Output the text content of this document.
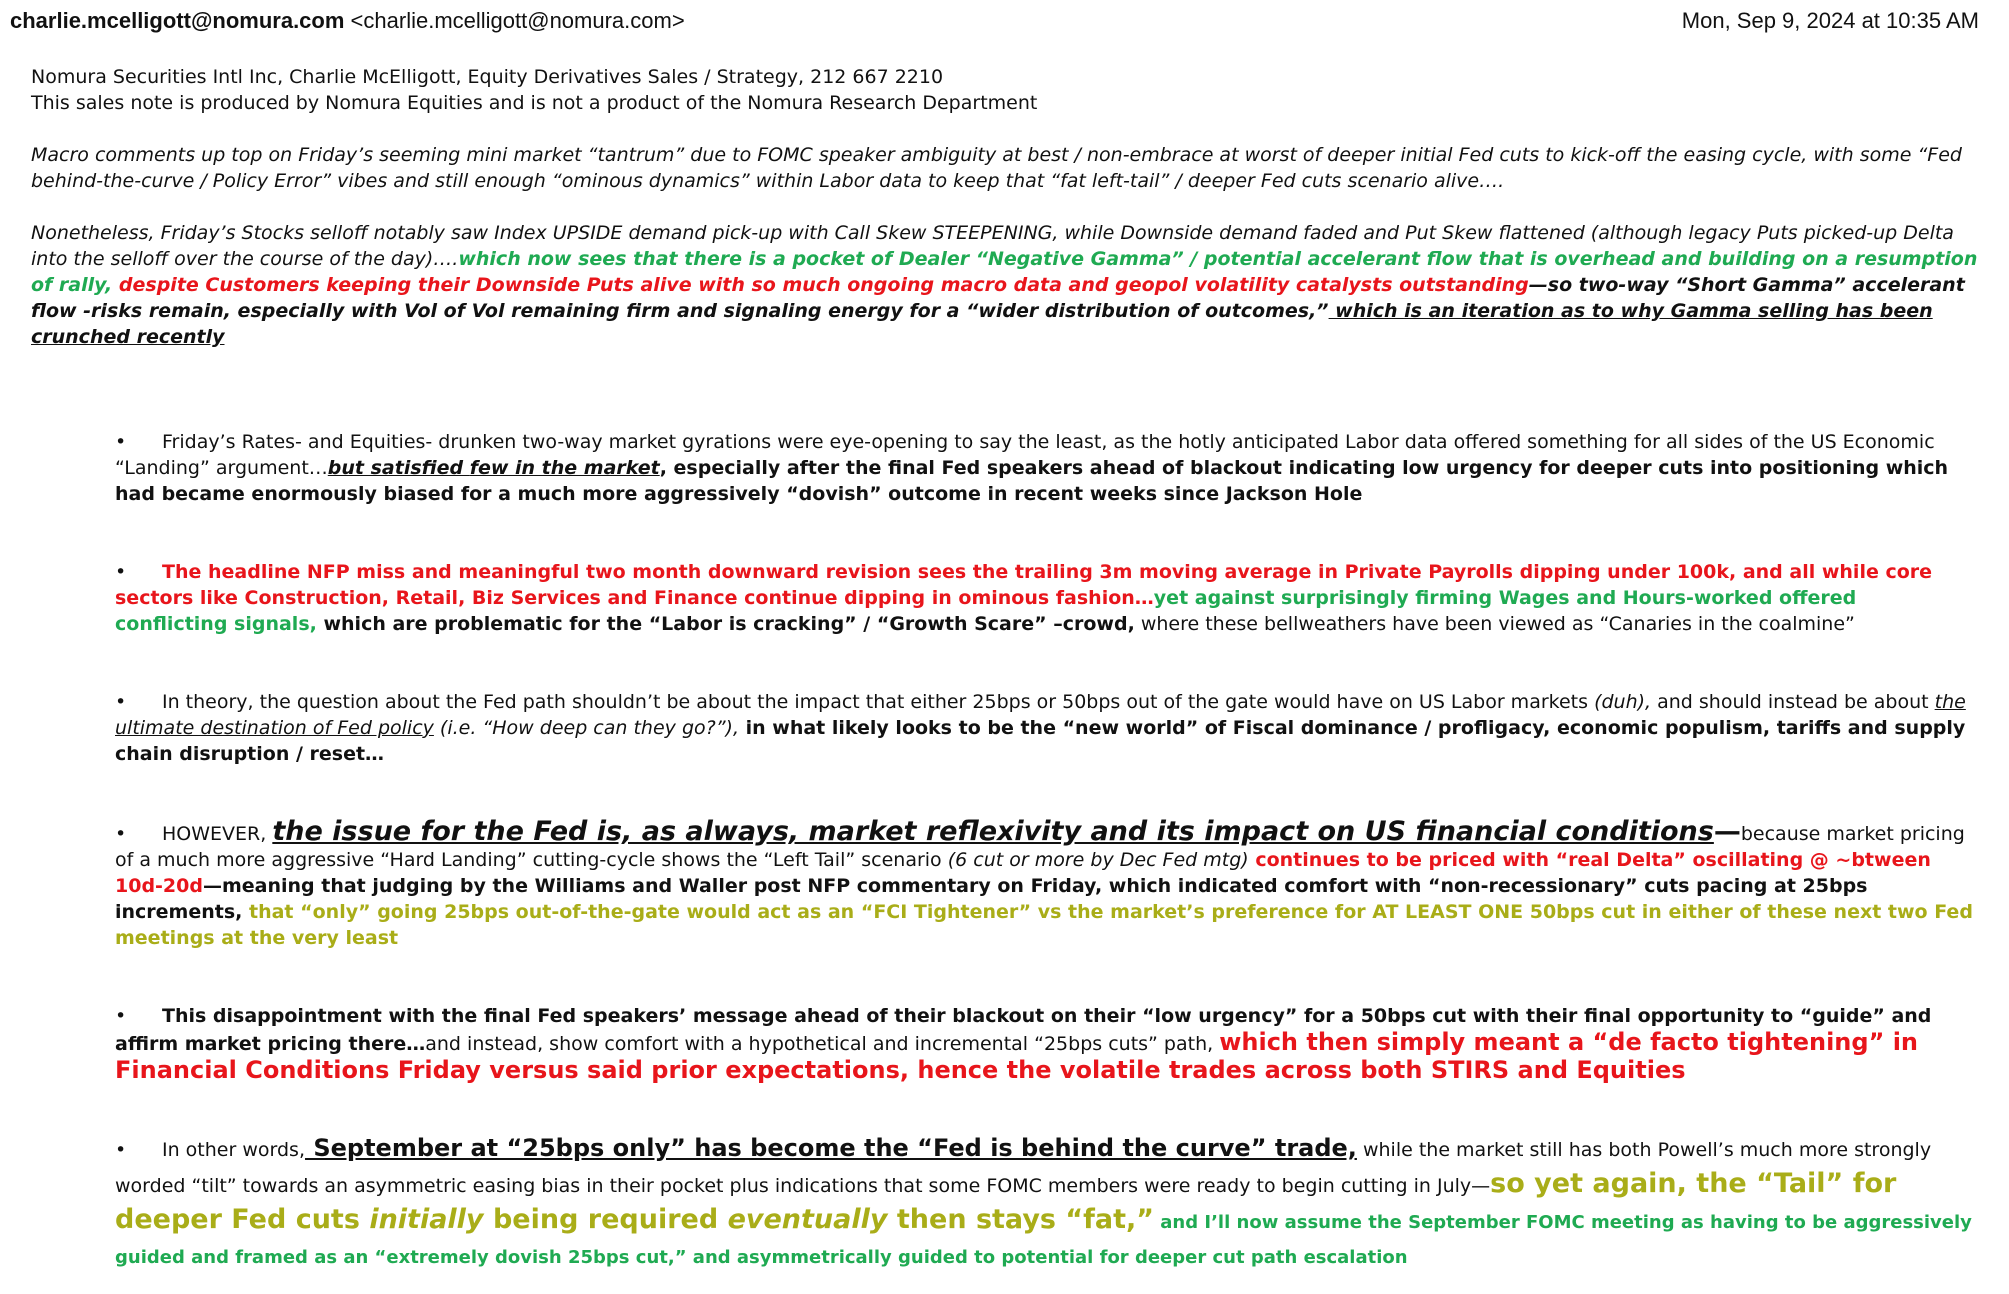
charlie.mcelligott@nomura.com <charlie.mcelligott@nomura.com>	Mon, Sep 9, 2024 at 10:35 AM

Nomura Securities Intl Inc, Charlie McElligott, Equity Derivatives Sales / Strategy, 212 667 2210

This sales note is produced by Nomura Equities and is not a product of the Nomura Research Department

Macro comments up top on Friday’s seeming mini market “tantrum” due to FOMC speaker ambiguity at best / non-embrace at worst of deeper initial Fed cuts to kick-off the easing cycle, with some “Fed behind-the-curve / Policy Error” vibes and still enough “ominous dynamics” within Labor data to keep that “fat left-tail” / deeper Fed cuts scenario alive….

Nonetheless, Friday’s Stocks selloff notably saw Index UPSIDE demand pick-up with Call Skew STEEPENING, while Downside demand faded and Put Skew flattened (although legacy Puts picked-up Delta into the selloff over the course of the day)….which now sees that there is a pocket of Dealer “Negative Gamma” / potential accelerant flow that is overhead and building on a resumption of rally, despite Customers keeping their Downside Puts alive with so much ongoing macro data and geopol volatility catalysts outstanding—so two-way “Short Gamma” accelerant flow -risks remain, especially with Vol of Vol remaining firm and signaling energy for a “wider distribution of outcomes,” which is an iteration as to why Gamma selling has been crunched recently

• Friday’s Rates- and Equities- drunken two-way market gyrations were eye-opening to say the least, as the hotly anticipated Labor data offered something for all sides of the US Economic “Landing” argument…but satisfied few in the market, especially after the final Fed speakers ahead of blackout indicating low urgency for deeper cuts into positioning which had became enormously biased for a much more aggressively “dovish” outcome in recent weeks since Jackson Hole

• The headline NFP miss and meaningful two month downward revision sees the trailing 3m moving average in Private Payrolls dipping under 100k, and all while core sectors like Construction, Retail, Biz Services and Finance continue dipping in ominous fashion…yet against surprisingly firming Wages and Hours-worked offered conflicting signals, which are problematic for the “Labor is cracking” / “Growth Scare” –crowd, where these bellweathers have been viewed as “Canaries in the coalmine”

• In theory, the question about the Fed path shouldn’t be about the impact that either 25bps or 50bps out of the gate would have on US Labor markets (duh), and should instead be about the ultimate destination of Fed policy (i.e. “How deep can they go?”), in what likely looks to be the “new world” of Fiscal dominance / profligacy, economic populism, tariffs and supply chain disruption / reset…

• HOWEVER, the issue for the Fed is, as always, market reflexivity and its impact on US financial conditions—because market pricing of a much more aggressive “Hard Landing” cutting-cycle shows the “Left Tail” scenario (6 cut or more by Dec Fed mtg) continues to be priced with “real Delta” oscillating @ ~btween 10d-20d—meaning that judging by the Williams and Waller post NFP commentary on Friday, which indicated comfort with “non-recessionary” cuts pacing at 25bps increments, that “only” going 25bps out-of-the-gate would act as an “FCI Tightener” vs the market’s preference for AT LEAST ONE 50bps cut in either of these next two Fed meetings at the very least

• This disappointment with the final Fed speakers’ message ahead of their blackout on their “low urgency” for a 50bps cut with their final opportunity to “guide” and affirm market pricing there…and instead, show comfort with a hypothetical and incremental “25bps cuts” path, which then simply meant a “de facto tightening” in Financial Conditions Friday versus said prior expectations, hence the volatile trades across both STIRS and Equities

• In other words, September at “25bps only” has become the “Fed is behind the curve” trade, while the market still has both Powell’s much more strongly worded “tilt” towards an asymmetric easing bias in their pocket plus indications that some FOMC members were ready to begin cutting in July—so yet again, the “Tail” for deeper Fed cuts initially being required eventually then stays “fat,” and I’ll now assume the September FOMC meeting as having to be aggressively guided and framed as an “extremely dovish 25bps cut,” and asymmetrically guided to potential for deeper cut path escalation
